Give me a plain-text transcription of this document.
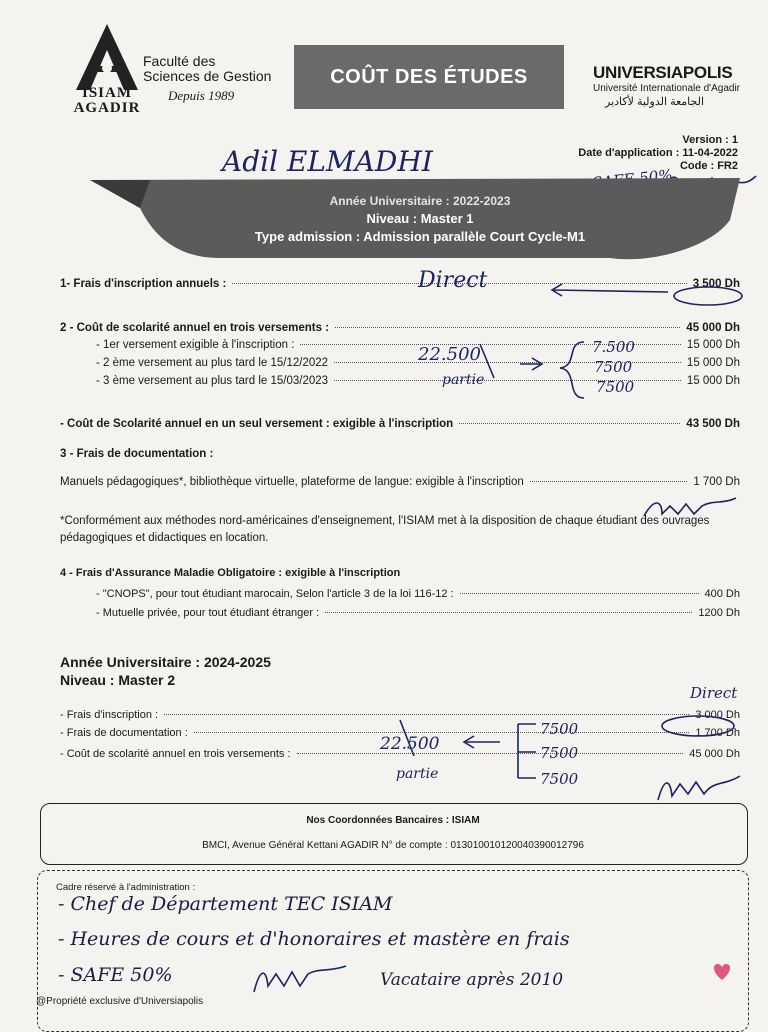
ISIAM
AGADIR
Faculté des
Sciences de Gestion
Depuis 1989
COÛT DES ÉTUDES	UNIVERSIAPOLIS
Université Internationale d'Agadir
الجامعة الدولية لأكادير
Version : 1
Date d'application : 11-04-2022
Code : FR2
Adil ELMADHI
Année Universitaire : 2022-2023
Niveau : Master 1
Type admission : Admission parallèle Court Cycle-M1
1- Frais d'inscription annuels :	3 500 Dh
Direct
2 - Coût de scolarité annuel en trois versements :	45 000 Dh
- 1er versement exigible à l'inscription :	15 000 Dh
- 2 ème versement au plus tard le 15/12/2022	15 000 Dh
- 3 ème versement au plus tard le 15/03/2023	15 000 Dh
22.500
partie
7.500
7500
7500
- Coût de Scolarité annuel en un seul versement : exigible à l'inscription	43 500 Dh
3 - Frais de documentation :
Manuels pédagogiques*, bibliothèque virtuelle, plateforme de langue: exigible à l'inscription	1 700 Dh
*Conformément aux méthodes nord-américaines d'enseignement, l'ISIAM met à la disposition de chaque étudiant des ouvrages pédagogiques et didactiques en location.
4 - Frais d'Assurance Maladie Obligatoire : exigible à l'inscription
- "CNOPS", pour tout étudiant marocain, Selon l'article 3 de la loi 116-12 :	400 Dh
- Mutuelle privée, pour tout étudiant étranger :	1200 Dh
Année Universitaire : 2024-2025
Niveau : Master 2
- Frais d'inscription :	3 000 Dh
- Frais de documentation :	1 700 Dh
- Coût de scolarité annuel en trois versements :	45 000 Dh
Direct
22.500
partie
7500
7500
7500
Nos Coordonnées Bancaires : ISIAM
BMCI, Avenue Général Kettani AGADIR N° de compte : 013010010120040390012796
Cadre réservé à l'administration :
- Chef de Département TEC ISIAM
- Heures de cours et d'honoraires et mastère en frais
- SAFE 50%	Vacataire après 2010
@Propriété exclusive d'Universiapolis
